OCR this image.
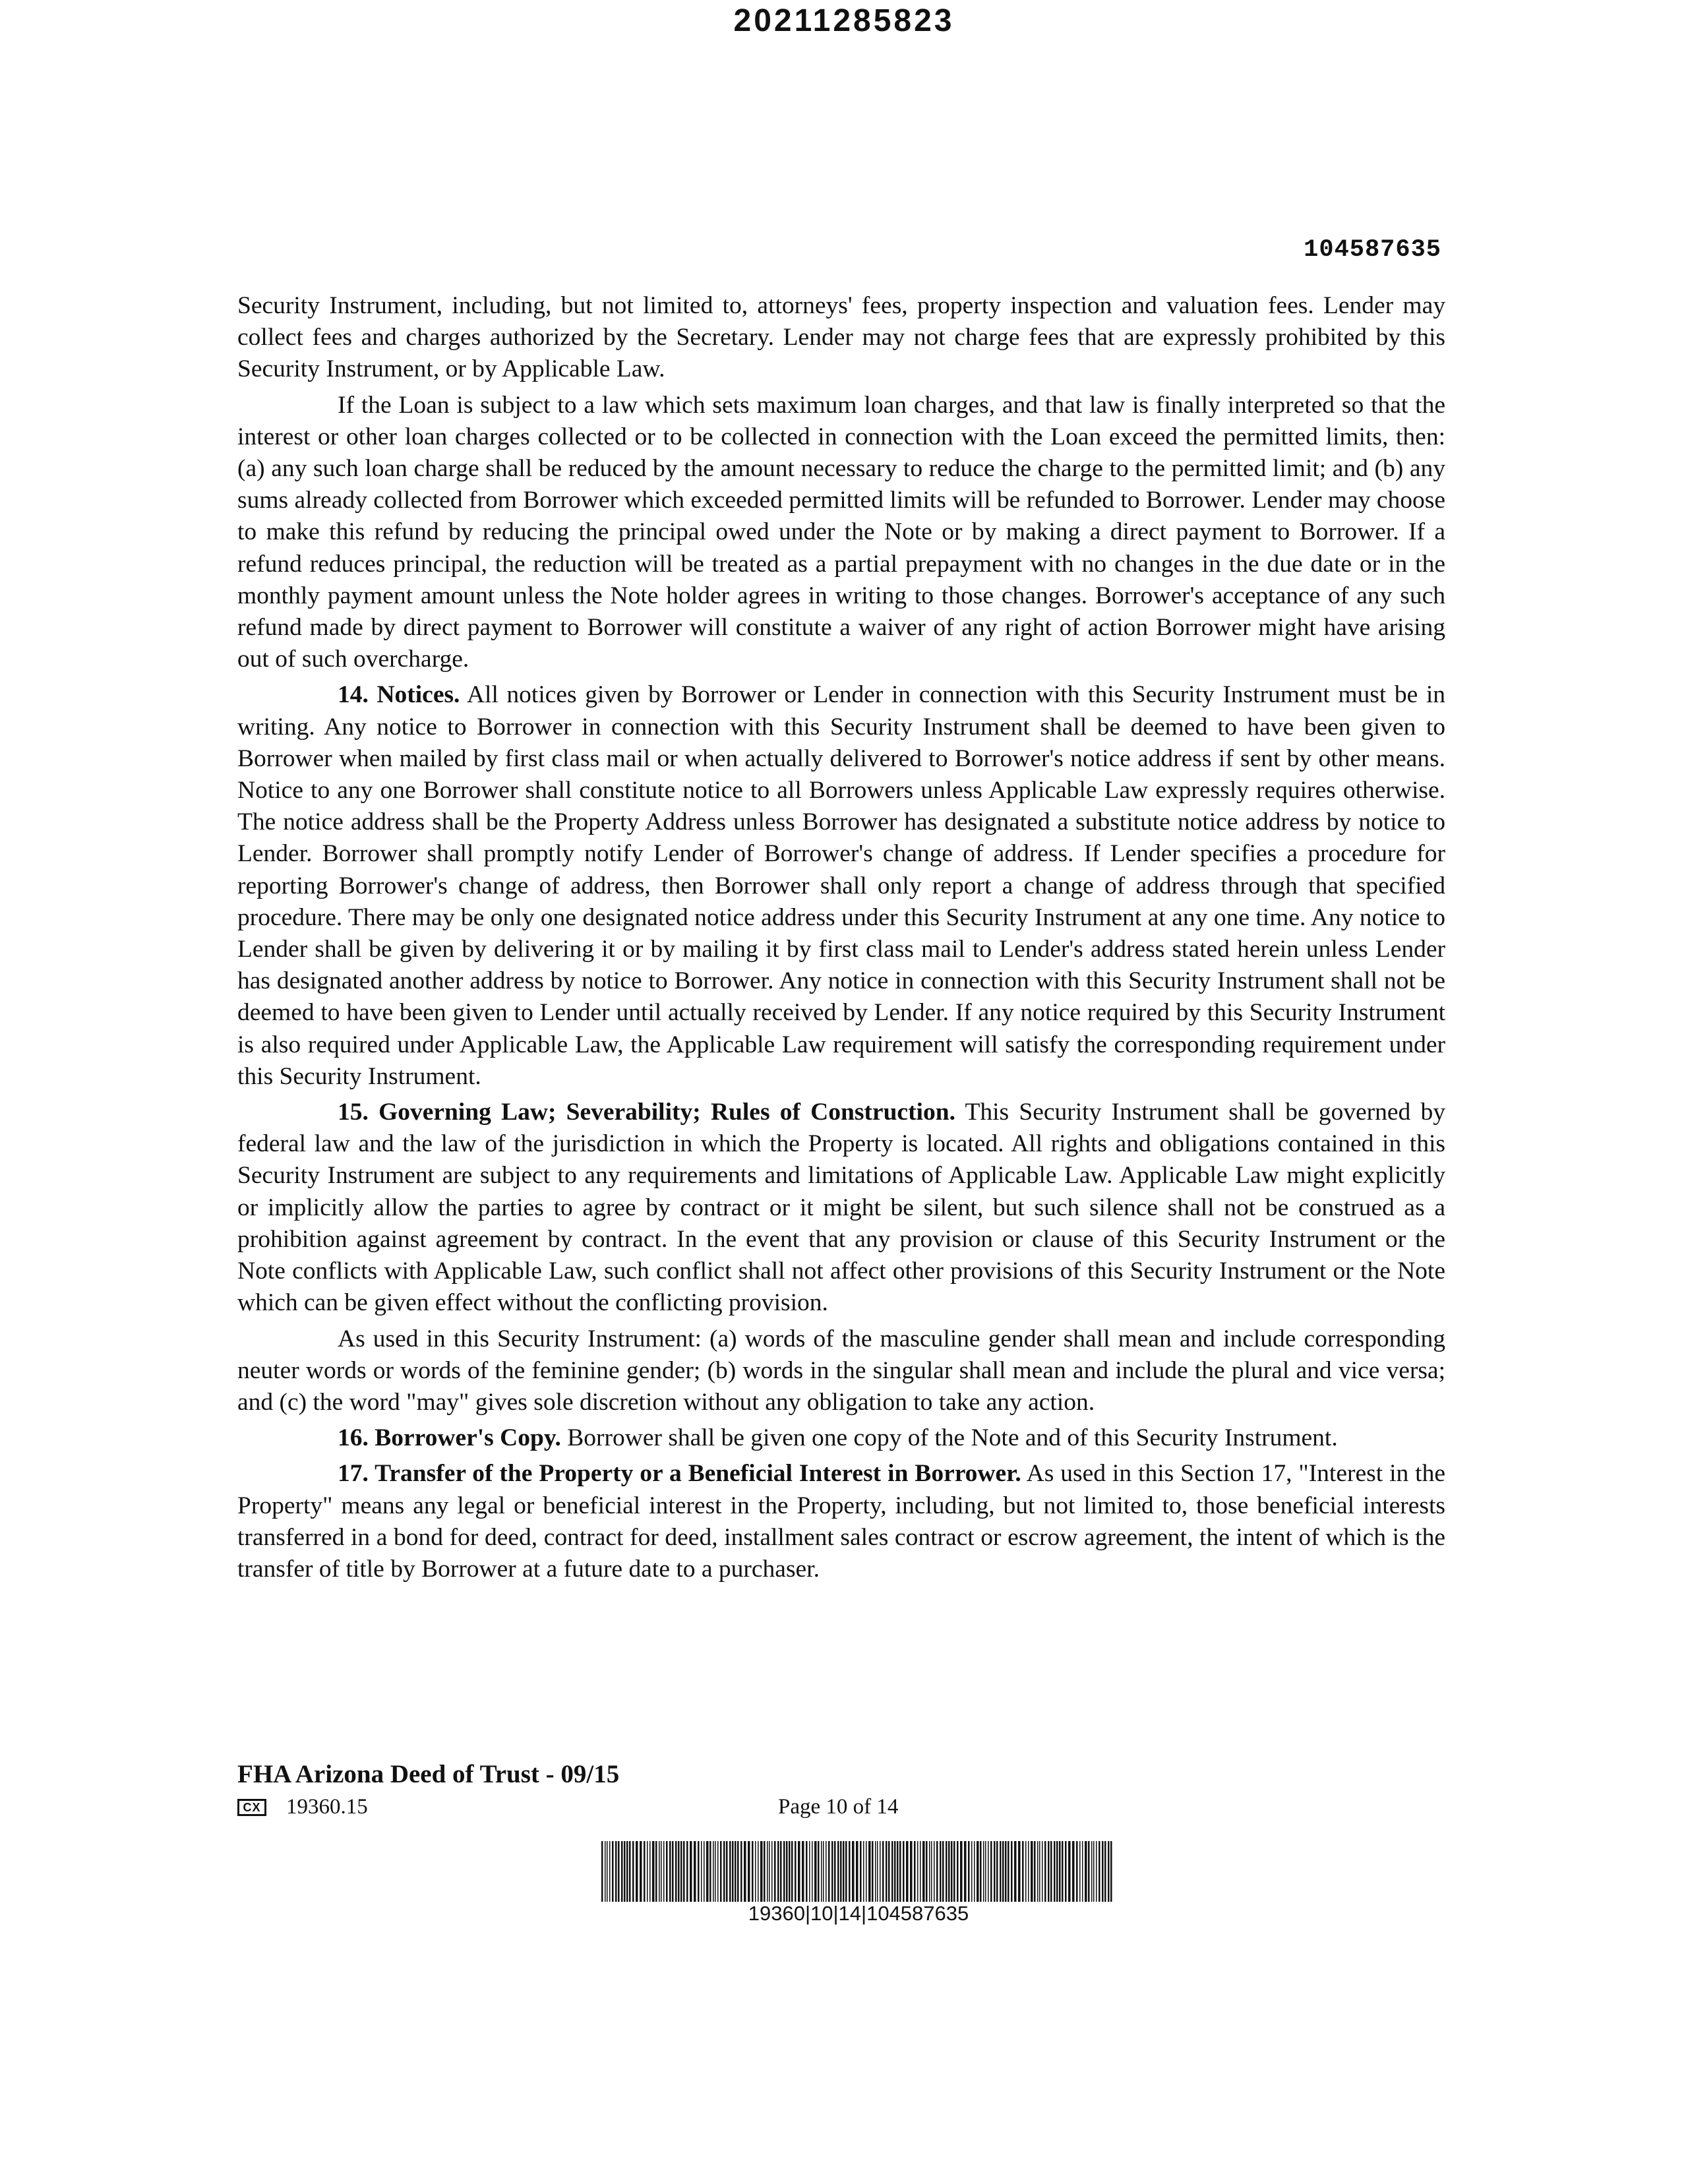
20211285823
104587635

Security Instrument, including, but not limited to, attorneys' fees, property inspection and valuation fees. Lender may collect fees and charges authorized by the Secretary. Lender may not charge fees that are expressly prohibited by this Security Instrument, or by Applicable Law.

If the Loan is subject to a law which sets maximum loan charges, and that law is finally interpreted so that the interest or other loan charges collected or to be collected in connection with the Loan exceed the permitted limits, then: (a) any such loan charge shall be reduced by the amount necessary to reduce the charge to the permitted limit; and (b) any sums already collected from Borrower which exceeded permitted limits will be refunded to Borrower. Lender may choose to make this refund by reducing the principal owed under the Note or by making a direct payment to Borrower. If a refund reduces principal, the reduction will be treated as a partial prepayment with no changes in the due date or in the monthly payment amount unless the Note holder agrees in writing to those changes. Borrower's acceptance of any such refund made by direct payment to Borrower will constitute a waiver of any right of action Borrower might have arising out of such overcharge.

14. Notices. All notices given by Borrower or Lender in connection with this Security Instrument must be in writing. Any notice to Borrower in connection with this Security Instrument shall be deemed to have been given to Borrower when mailed by first class mail or when actually delivered to Borrower's notice address if sent by other means. Notice to any one Borrower shall constitute notice to all Borrowers unless Applicable Law expressly requires otherwise. The notice address shall be the Property Address unless Borrower has designated a substitute notice address by notice to Lender. Borrower shall promptly notify Lender of Borrower's change of address. If Lender specifies a procedure for reporting Borrower's change of address, then Borrower shall only report a change of address through that specified procedure. There may be only one designated notice address under this Security Instrument at any one time. Any notice to Lender shall be given by delivering it or by mailing it by first class mail to Lender's address stated herein unless Lender has designated another address by notice to Borrower. Any notice in connection with this Security Instrument shall not be deemed to have been given to Lender until actually received by Lender. If any notice required by this Security Instrument is also required under Applicable Law, the Applicable Law requirement will satisfy the corresponding requirement under this Security Instrument.

15. Governing Law; Severability; Rules of Construction. This Security Instrument shall be governed by federal law and the law of the jurisdiction in which the Property is located. All rights and obligations contained in this Security Instrument are subject to any requirements and limitations of Applicable Law. Applicable Law might explicitly or implicitly allow the parties to agree by contract or it might be silent, but such silence shall not be construed as a prohibition against agreement by contract. In the event that any provision or clause of this Security Instrument or the Note conflicts with Applicable Law, such conflict shall not affect other provisions of this Security Instrument or the Note which can be given effect without the conflicting provision.

As used in this Security Instrument: (a) words of the masculine gender shall mean and include corresponding neuter words or words of the feminine gender; (b) words in the singular shall mean and include the plural and vice versa; and (c) the word "may" gives sole discretion without any obligation to take any action.

16. Borrower's Copy. Borrower shall be given one copy of the Note and of this Security Instrument.

17. Transfer of the Property or a Beneficial Interest in Borrower. As used in this Section 17, "Interest in the Property" means any legal or beneficial interest in the Property, including, but not limited to, those beneficial interests transferred in a bond for deed, contract for deed, installment sales contract or escrow agreement, the intent of which is the transfer of title by Borrower at a future date to a purchaser.

FHA Arizona Deed of Trust - 09/15
CX 19360.15	Page 10 of 14
19360|10|14|104587635
